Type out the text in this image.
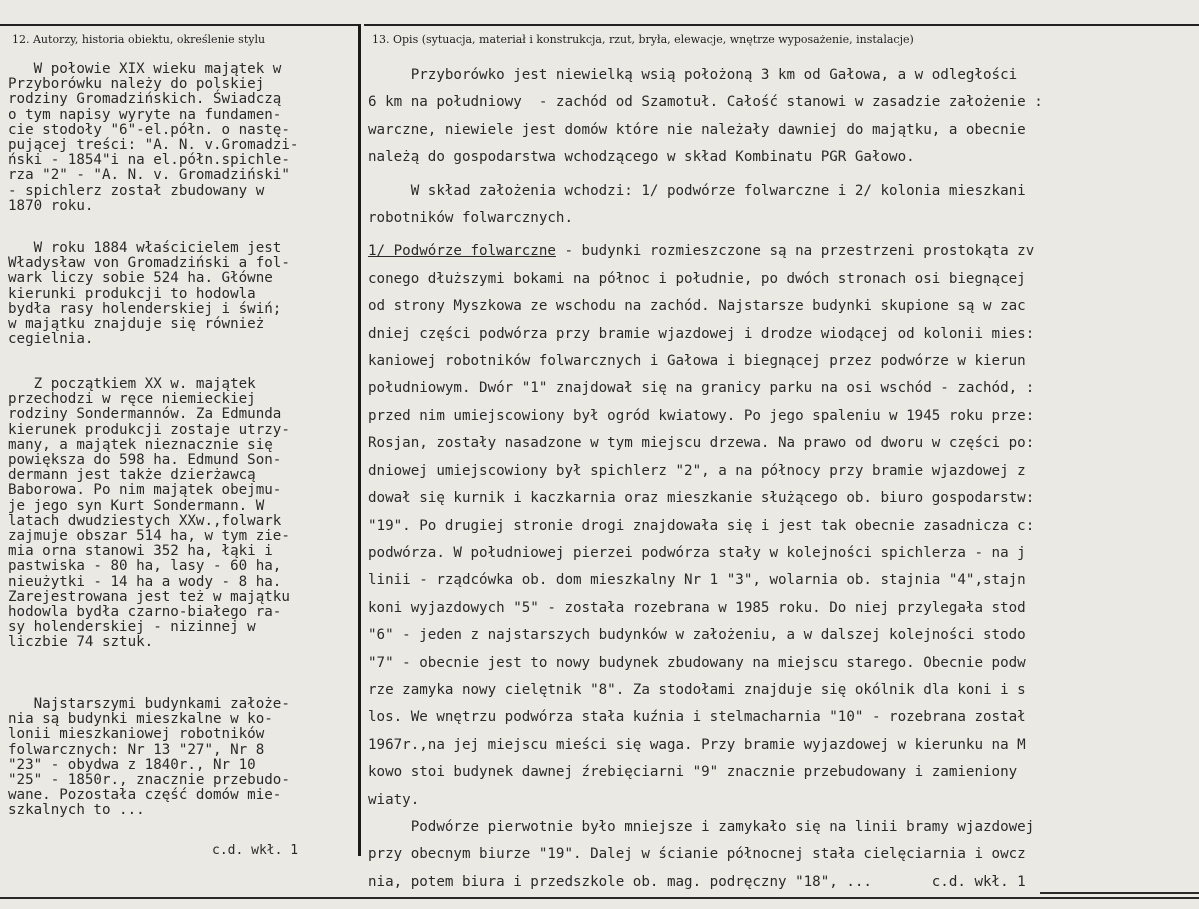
12. Autorzy, historia obiektu, określenie stylu	13. Opis (sytuacja, materiał i konstrukcja, rzut, bryła, elewacje, wnętrze wyposażenie, instalacje)
W połowie XIX wieku majątek w
Przyborówku należy do polskiej
rodziny Gromadzińskich. Świadczą
o tym napisy wyryte na fundamen-
cie stodoły "6"-el.półn. o nastę-
pującej treści: "A. N. v.Gromadzi-
ński - 1854"i na el.półn.spichle-
rza "2" - "A. N. v. Gromadziński"
- spichlerz został zbudowany w
1870 roku.
W roku 1884 właścicielem jest
Władysław von Gromadziński a fol-
wark liczy sobie 524 ha. Główne
kierunki produkcji to hodowla
bydła rasy holenderskiej i świń;
w majątku znajduje się również
cegielnia.
Z początkiem XX w. majątek
przechodzi w ręce niemieckiej
rodziny Sondermannów. Za Edmunda
kierunek produkcji zostaje utrzy-
many, a majątek nieznacznie się
powiększa do 598 ha. Edmund Son-
dermann jest także dzierżawcą
Baborowa. Po nim majątek obejmu-
je jego syn Kurt Sondermann. W
latach dwudziestych XXw.,folwark
zajmuje obszar 514 ha, w tym zie-
mia orna stanowi 352 ha, łąki i
pastwiska - 80 ha, lasy - 60 ha,
nieużytki - 14 ha a wody - 8 ha.
Zarejestrowana jest też w majątku
hodowla bydła czarno-białego ra-
sy holenderskiej - nizinnej w
liczbie 74 sztuk.
Najstarszymi budynkami założe-
nia są budynki mieszkalne w ko-
lonii mieszkaniowej robotników
folwarcznych: Nr 13 "27", Nr 8
"23" - obydwa z 1840r., Nr 10
"25" - 1850r., znacznie przebudo-
wane. Pozostała część domów mie-
szkalnych to ...
c.d. wkł. 1
Przyborówko jest niewielką wsią położoną 3 km od Gałowa, a w odległości
6 km na południowy  - zachód od Szamotuł. Całość stanowi w zasadzie założenie :
warczne, niewiele jest domów które nie należały dawniej do majątku, a obecnie
należą do gospodarstwa wchodzącego w skład Kombinatu PGR Gałowo.

W skład założenia wchodzi: 1/ podwórze folwarczne i 2/ kolonia mieszkani
robotników folwarcznych.

1/ Podwórze folwarczne - budynki rozmieszczone są na przestrzeni prostokąta zv
conego dłuższymi bokami na północ i południe, po dwóch stronach osi biegnącej
od strony Myszkowa ze wschodu na zachód. Najstarsze budynki skupione są w zac
dniej części podwórza przy bramie wjazdowej i drodze wiodącej od kolonii mies:
kaniowej robotników folwarcznych i Gałowa i biegnącej przez podwórze w kierun
południowym. Dwór "1" znajdował się na granicy parku na osi wschód - zachód, :
przed nim umiejscowiony był ogród kwiatowy. Po jego spaleniu w 1945 roku prze:
Rosjan, zostały nasadzone w tym miejscu drzewa. Na prawo od dworu w części po:
dniowej umiejscowiony był spichlerz "2", a na północy przy bramie wjazdowej z
dował się kurnik i kaczkarnia oraz mieszkanie służącego ob. biuro gospodarstw:
"19". Po drugiej stronie drogi znajdowała się i jest tak obecnie zasadnicza c:
podwórza. W południowej pierzei podwórza stały w kolejności spichlerza - na j
linii - rządcówka ob. dom mieszkalny Nr 1 "3", wolarnia ob. stajnia "4",stajn
koni wyjazdowych "5" - została rozebrana w 1985 roku. Do niej przylegała stod
"6" - jeden z najstarszych budynków w założeniu, a w dalszej kolejności stodo
"7" - obecnie jest to nowy budynek zbudowany na miejscu starego. Obecnie podw
rze zamyka nowy cielętnik "8". Za stodołami znajduje się okólnik dla koni i s
los. We wnętrzu podwórza stała kuźnia i stelmacharnia "10" - rozebrana został
1967r.,na jej miejscu mieści się waga. Przy bramie wyjazdowej w kierunku na M
kowo stoi budynek dawnej źrebięciarni "9" znacznie przebudowany i zamieniony
wiaty.
Podwórze pierwotnie było mniejsze i zamykało się na linii bramy wjazdowej
przy obecnym biurze "19". Dalej w ścianie północnej stała cielęciarnia i owcz
nia, potem biura i przedszkole ob. mag. podręczny "18", ...       c.d. wkł. 1
